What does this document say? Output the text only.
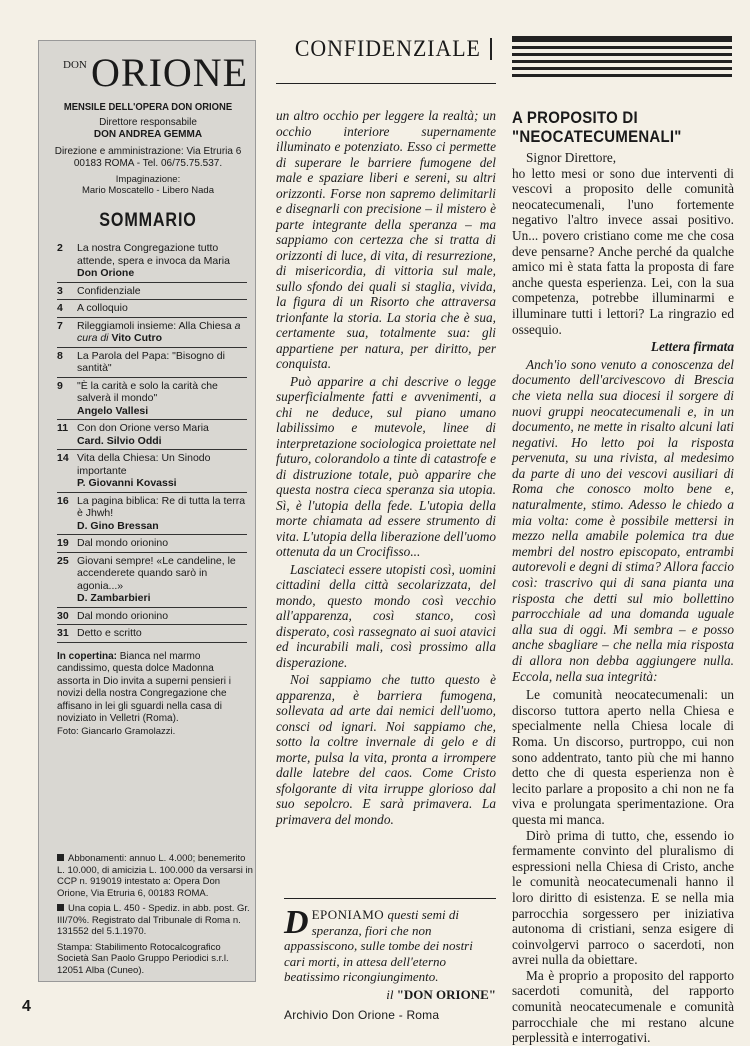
DON ORIONE
MENSILE DELL'OPERA DON ORIONE
Direttore responsabile
DON ANDREA GEMMA
Direzione e amministrazione: Via Etruria 6
00183 ROMA - Tel. 06/75.75.537.
Impaginazione:
Mario Moscatello - Libero Nada
SOMMARIO
2	La nostra Congregazione tutto attende, spera e invoca da Maria
Don Orione
3	Confidenziale
4	A colloquio
7	Rileggiamoli insieme: Alla Chiesa a cura di Vito Cutro
8	La Parola del Papa: "Bisogno di santità"
9	"È la carità e solo la carità che salverà il mondo"
Angelo Vallesi
11 Con don Orione verso Maria
Card. Silvio Oddi
14 Vita della Chiesa: Un Sinodo importante
P. Giovanni Kovassi
16 La pagina biblica: Re di tutta la terra è Jhwh!
D. Gino Bressan
19 Dal mondo orionino
25 Giovani sempre! «Le candeline, le accenderete quando sarò in agonia...»
D. Zambarbieri
30 Dal mondo orionino
31 Detto e scritto
In copertina: Bianca nel marmo candissimo, questa dolce Madonna assorta in Dio invita a superni pensieri i novizi della nostra Congregazione che affisano in lei gli sguardi nella casa di noviziato in Velletri (Roma).
Foto: Giancarlo Gramolazzi.

Abbonamenti: annuo L. 4.000; benemerito L. 10.000, di amicizia L. 100.000 da versarsi in CCP n. 919019 intestato a: Opera Don Orione, Via Etruria 6, 00183 ROMA.

Una copia L. 450 - Spediz. in abb. post. Gr. III/70%. Registrato dal Tribunale di Roma n. 131552 del 5.1.1970.

Stampa: Stabilimento Rotocalcografico Società San Paolo Gruppo Periodici s.r.l. 12051 Alba (Cuneo).

CONFIDENZIALE

un altro occhio per leggere la realtà; un occhio interiore supernamente illuminato e potenziato. Esso ci permette di superare le barriere fumogene del male e spaziare liberi e sereni, su altri orizzonti. Forse non sapremo delimitarli e disegnarli con precisione – il mistero è parte integrante della speranza – ma sappiamo con certezza che si tratta di orizzonti di luce, di vita, di resurrezione, di misericordia, di vittoria sul male, sullo sfondo dei quali si staglia, vivida, la figura di un Risorto che attraversa trionfante la storia. La storia che è sua, certamente sua, totalmente sua: gli appartiene per natura, per diritto, per conquista.

Può apparire a chi descrive o legge superficialmente fatti e avvenimenti, a chi ne deduce, sul piano umano labilissimo e mutevole, linee di interpretazione sociologica proiettate nel futuro, colorandolo a tinte di catastrofe e di distruzione totale, può apparire che questa nostra cieca speranza sia utopia. Sì, è l'utopia della fede. L'utopia della morte chiamata ad essere strumento di vita. L'utopia della liberazione dell'uomo ottenuta da un Crocifisso...

Lasciateci essere utopisti così, uomini cittadini della città secolarizzata, del mondo, questo mondo così vecchio all'apparenza, così stanco, così disperato, così rassegnato ai suoi atavici ed incurabili mali, così prossimo alla disperazione.

Noi sappiamo che tutto questo è apparenza, è barriera fumogena, sollevata ad arte dai nemici dell'uomo, consci od ignari. Noi sappiamo che, sotto la coltre invernale di gelo e di morte, pulsa la vita, pronta a irrompere dalle latebre del caos. Come Cristo sfolgorante di vita irruppe glorioso dal suo sepolcro. E sarà primavera. La primavera del mondo.

D EPONIAMO questi semi di speranza, fiori che non appassiscono, sulle tombe dei nostri cari morti, in attesa dell'eterno beatissimo ricongiungimento.
il "DON ORIONE"
A PROPOSITO DI
"NEOCATECUMENALI"

Signor Direttore,

ho letto mesi or sono due interventi di vescovi a proposito delle comunità neocatecumenali, l'uno fortemente negativo l'altro invece assai positivo. Un... povero cristiano come me che cosa deve pensarne? Anche perché da qualche amico mi è stata fatta la proposta di fare anche questa esperienza. Lei, con la sua competenza, potrebbe illuminarmi e illuminare tutti i lettori? La ringrazio ed ossequio.

Lettera firmata

Anch'io sono venuto a conoscenza del documento dell'arcivescovo di Brescia che vieta nella sua diocesi il sorgere di nuovi gruppi neocatecumenali e, in un documento, ne mette in risalto alcuni lati negativi. Ho letto poi la risposta pervenuta, su una rivista, al medesimo da parte di uno dei vescovi ausiliari di Roma che conosco molto bene e, naturalmente, stimo. Adesso le chiedo a mia volta: come è possibile mettersi in mezzo nella amabile polemica tra due membri del nostro episcopato, entrambi autorevoli e degni di stima? Allora faccio così: trascrivo qui di sana pianta una risposta che detti sul mio bollettino parrocchiale ad una domanda uguale alla sua di oggi. Mi sembra – e posso anche sbagliare – che nella mia risposta di allora non debba aggiungere nulla. Eccola, nella sua integrità:

Le comunità neocatecumenali: un discorso tuttora aperto nella Chiesa e specialmente nella Chiesa locale di Roma. Un discorso, purtroppo, cui non sono addentrato, tanto più che mi hanno detto che di questa esperienza non è lecito parlare a proposito a chi non ne fa viva e prolungata sperimentazione. Ora questa mi manca.

Dirò prima di tutto, che, essendo io fermamente convinto del pluralismo di espressioni nella Chiesa di Cristo, anche le comunità neocatecumenali hanno il loro diritto di esistenza. E se nella mia parrocchia sorgessero per iniziativa autonoma di cristiani, senza esigere di coinvolgervi parroco o sacerdoti, non avrei nulla da obiettare.

Ma è proprio a proposito del rapporto sacerdoti comunità, del rapporto comunità neocatecumenale e comunità parrocchiale che mi restano alcune perplessità e interrogativi.

4	Archivio Don Orione - Roma
